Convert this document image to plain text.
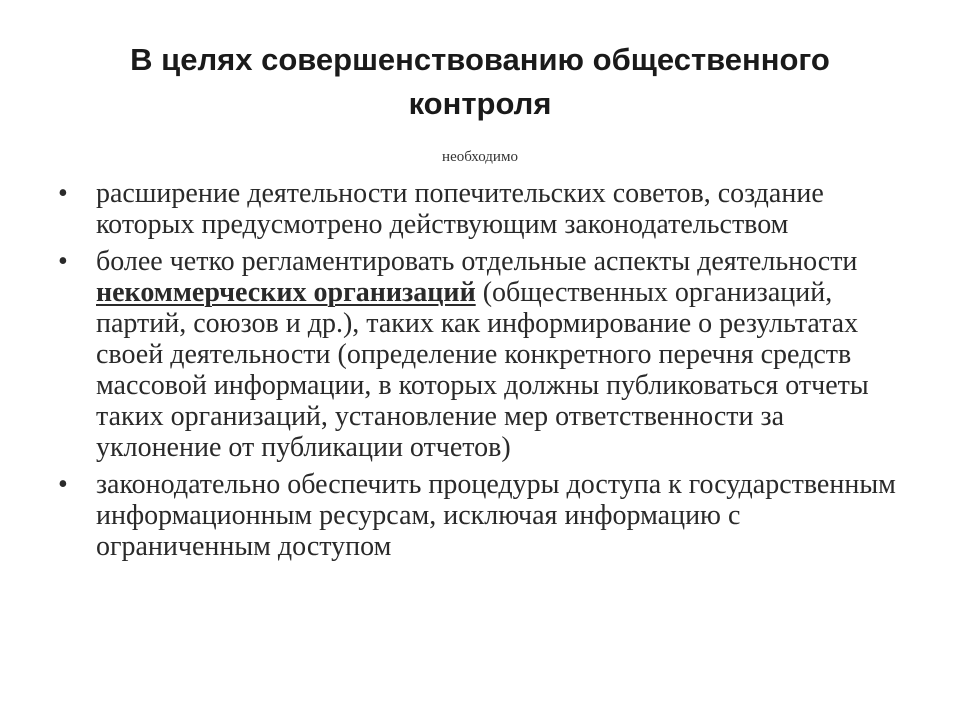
В целях совершенствованию общественного контроля
необходимо
• расширение деятельности попечительских советов, создание которых предусмотрено действующим законодательством
• более четко регламентировать отдельные аспекты деятельности некоммерческих организаций (общественных организаций, партий, союзов и др.), таких как информирование о результатах своей деятельности (определение конкретного перечня средств массовой информации, в которых должны публиковаться отчеты таких организаций, установление мер ответственности за уклонение от публикации отчетов)
• законодательно обеспечить процедуры доступа к государственным информационным ресурсам, исключая информацию с ограниченным доступом
